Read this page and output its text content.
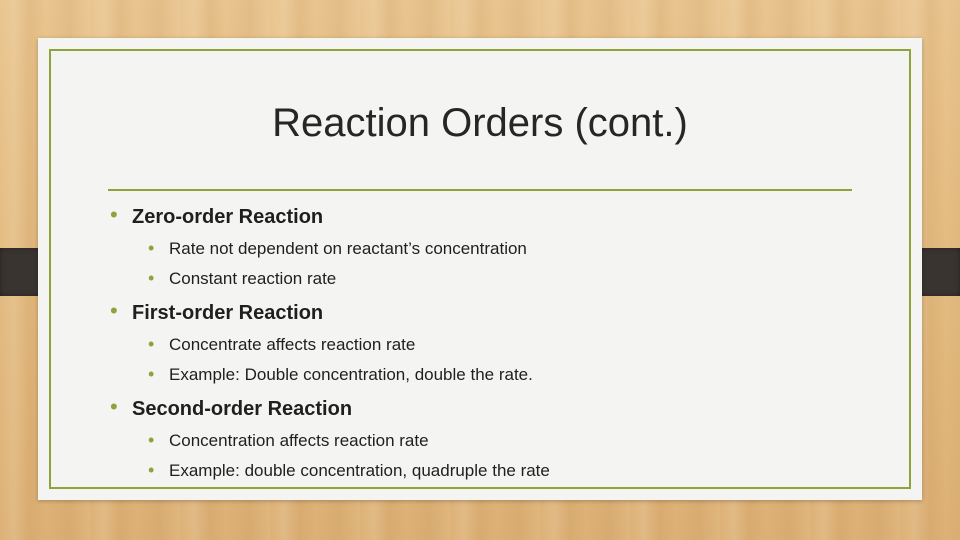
Reaction Orders (cont.)
• Zero-order Reaction
• Rate not dependent on reactant’s concentration
• Constant reaction rate
• First-order Reaction
• Concentrate affects reaction rate
• Example: Double concentration, double the rate.
• Second-order Reaction
• Concentration affects reaction rate
• Example: double concentration, quadruple the rate
